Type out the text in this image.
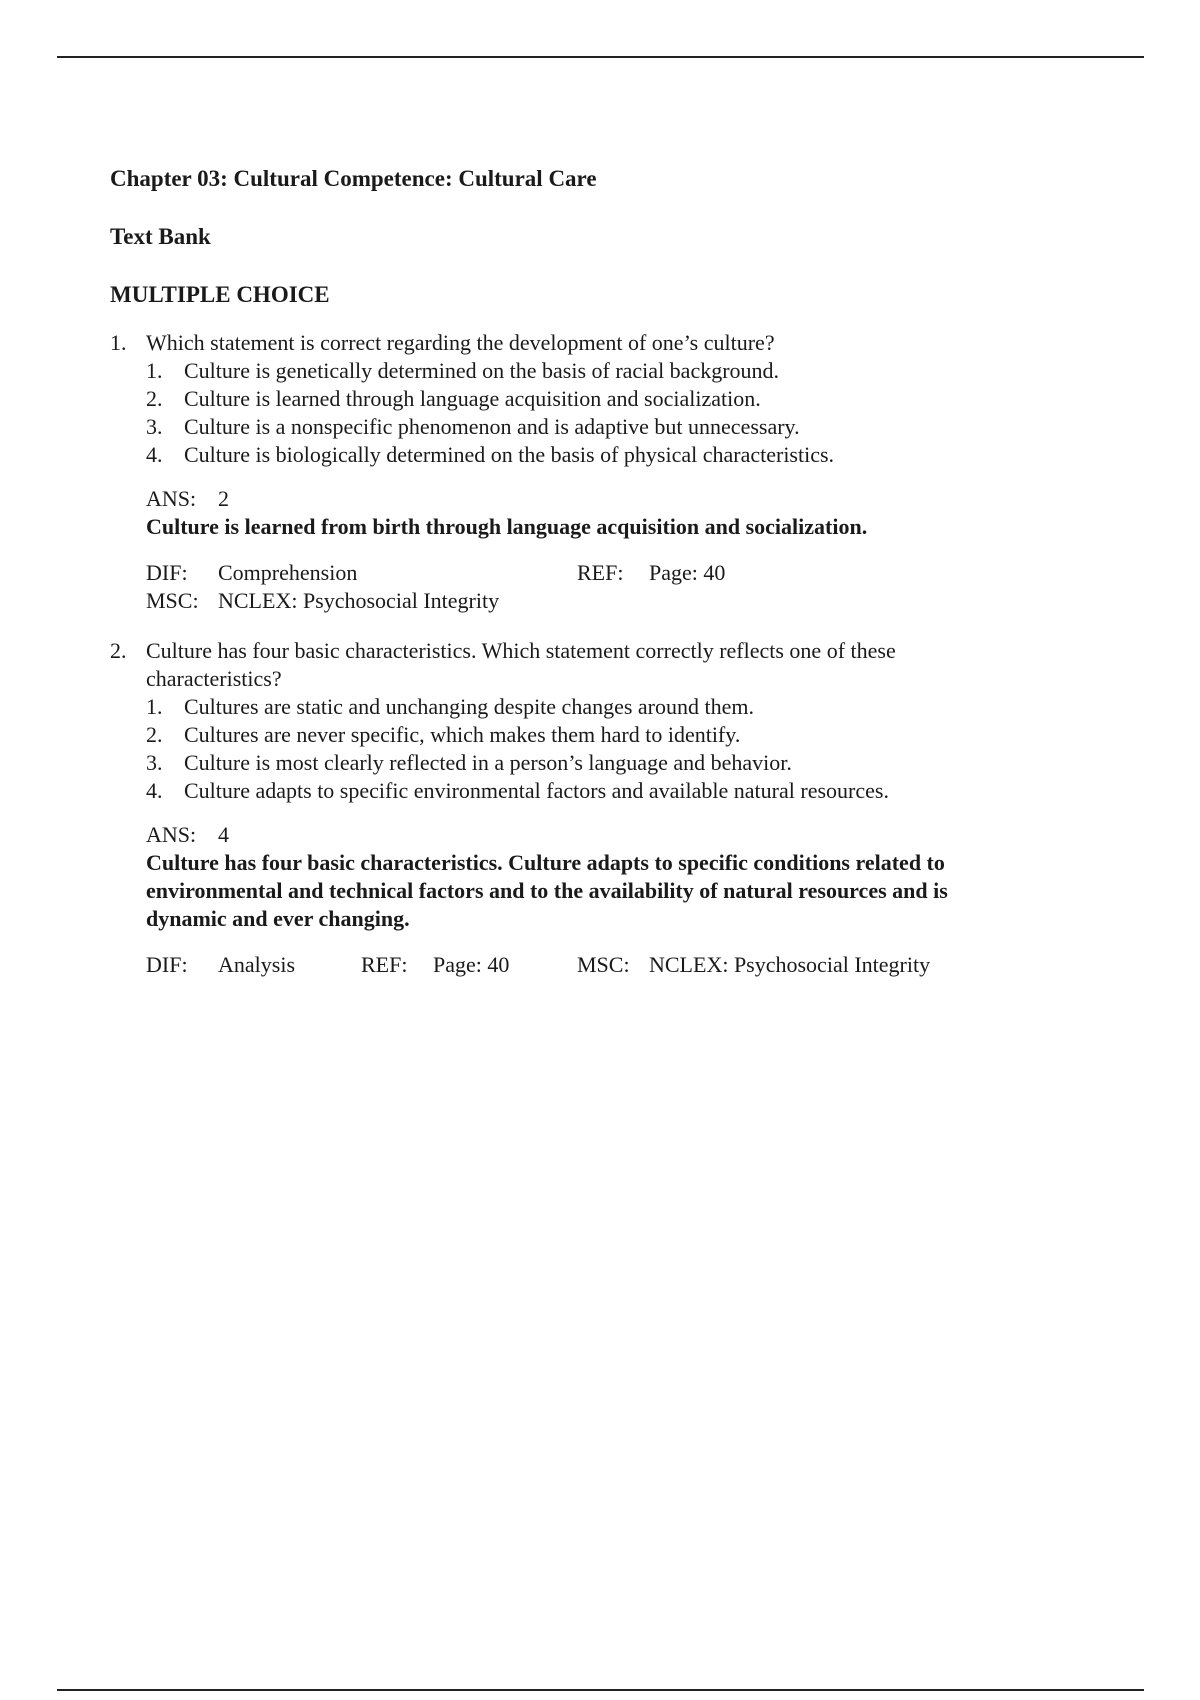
Chapter 03: Cultural Competence: Cultural Care
Text Bank
MULTIPLE CHOICE
1. Which statement is correct regarding the development of one’s culture?
1. Culture is genetically determined on the basis of racial background.
2. Culture is learned through language acquisition and socialization.
3. Culture is a nonspecific phenomenon and is adaptive but unnecessary.
4. Culture is biologically determined on the basis of physical characteristics.
ANS: 2
Culture is learned from birth through language acquisition and socialization.
DIF:	Comprehension	REF:	Page: 40
MSC: NCLEX: Psychosocial Integrity
2. Culture has four basic characteristics. Which statement correctly reflects one of these characteristics?
1. Cultures are static and unchanging despite changes around them.
2. Cultures are never specific, which makes them hard to identify.
3. Culture is most clearly reflected in a person’s language and behavior.
4. Culture adapts to specific environmental factors and available natural resources.
ANS: 4
Culture has four basic characteristics. Culture adapts to specific conditions related to environmental and technical factors and to the availability of natural resources and is dynamic and ever changing.
DIF:	Analysis	REF:	Page: 40	MSC: NCLEX: Psychosocial Integrity
